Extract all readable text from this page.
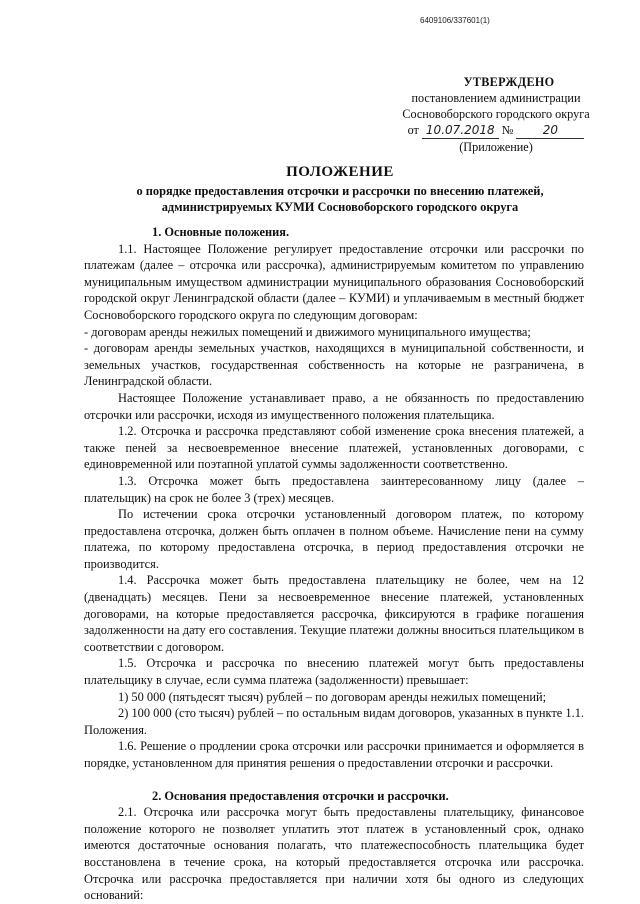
6409106/337601(1)
УТВЕРЖДЕНО
постановлением администрации
Сосновоборского городского округа
от 10.07.2018 № 20
(Приложение)
ПОЛОЖЕНИЕ
о порядке предоставления отсрочки и рассрочки по внесению платежей,
администрируемых КУМИ Сосновоборского городского округа

1. Основные положения.

1.1. Настоящее Положение регулирует предоставление отсрочки или рассрочки по платежам (далее – отсрочка или рассрочка), администрируемым комитетом по управлению муниципальным имуществом администрации муниципального образования Сосновоборский городской округ Ленинградской области (далее – КУМИ) и уплачиваемым в местный бюджет Сосновоборского городского округа по следующим договорам:

- договорам аренды нежилых помещений и движимого муниципального имущества;

- договорам аренды земельных участков, находящихся в муниципальной собственности, и земельных участков, государственная собственность на которые не разграничена, в Ленинградской области.

Настоящее Положение устанавливает право, а не обязанность по предоставлению отсрочки или рассрочки, исходя из имущественного положения плательщика.

1.2. Отсрочка и рассрочка представляют собой изменение срока внесения платежей, а также пеней за несвоевременное внесение платежей, установленных договорами, с единовременной или поэтапной уплатой суммы задолженности соответственно.

1.3. Отсрочка может быть предоставлена заинтересованному лицу (далее – плательщик) на срок не более 3 (трех) месяцев.

По истечении срока отсрочки установленный договором платеж, по которому предоставлена отсрочка, должен быть оплачен в полном объеме. Начисление пени на сумму платежа, по которому предоставлена отсрочка, в период предоставления отсрочки не производится.

1.4. Рассрочка может быть предоставлена плательщику не более, чем на 12 (двенадцать) месяцев. Пени за несвоевременное внесение платежей, установленных договорами, на которые предоставляется рассрочка, фиксируются в графике погашения задолженности на дату его составления. Текущие платежи должны вноситься плательщиком в соответствии с договором.

1.5. Отсрочка и рассрочка по внесению платежей могут быть предоставлены плательщику в случае, если сумма платежа (задолженности) превышает:

1) 50 000 (пятьдесят тысяч) рублей – по договорам аренды нежилых помещений;

2) 100 000 (сто тысяч) рублей – по остальным видам договоров, указанных в пункте 1.1. Положения.

1.6. Решение о продлении срока отсрочки или рассрочки принимается и оформляется в порядке, установленном для принятия решения о предоставлении отсрочки и рассрочки.

2. Основания предоставления отсрочки и рассрочки.

2.1. Отсрочка или рассрочка могут быть предоставлены плательщику, финансовое положение которого не позволяет уплатить этот платеж в установленный срок, однако имеются достаточные основания полагать, что платежеспособность плательщика будет восстановлена в течение срока, на который предоставляется отсрочка или рассрочка. Отсрочка или рассрочка предоставляется при наличии хотя бы одного из следующих оснований:
